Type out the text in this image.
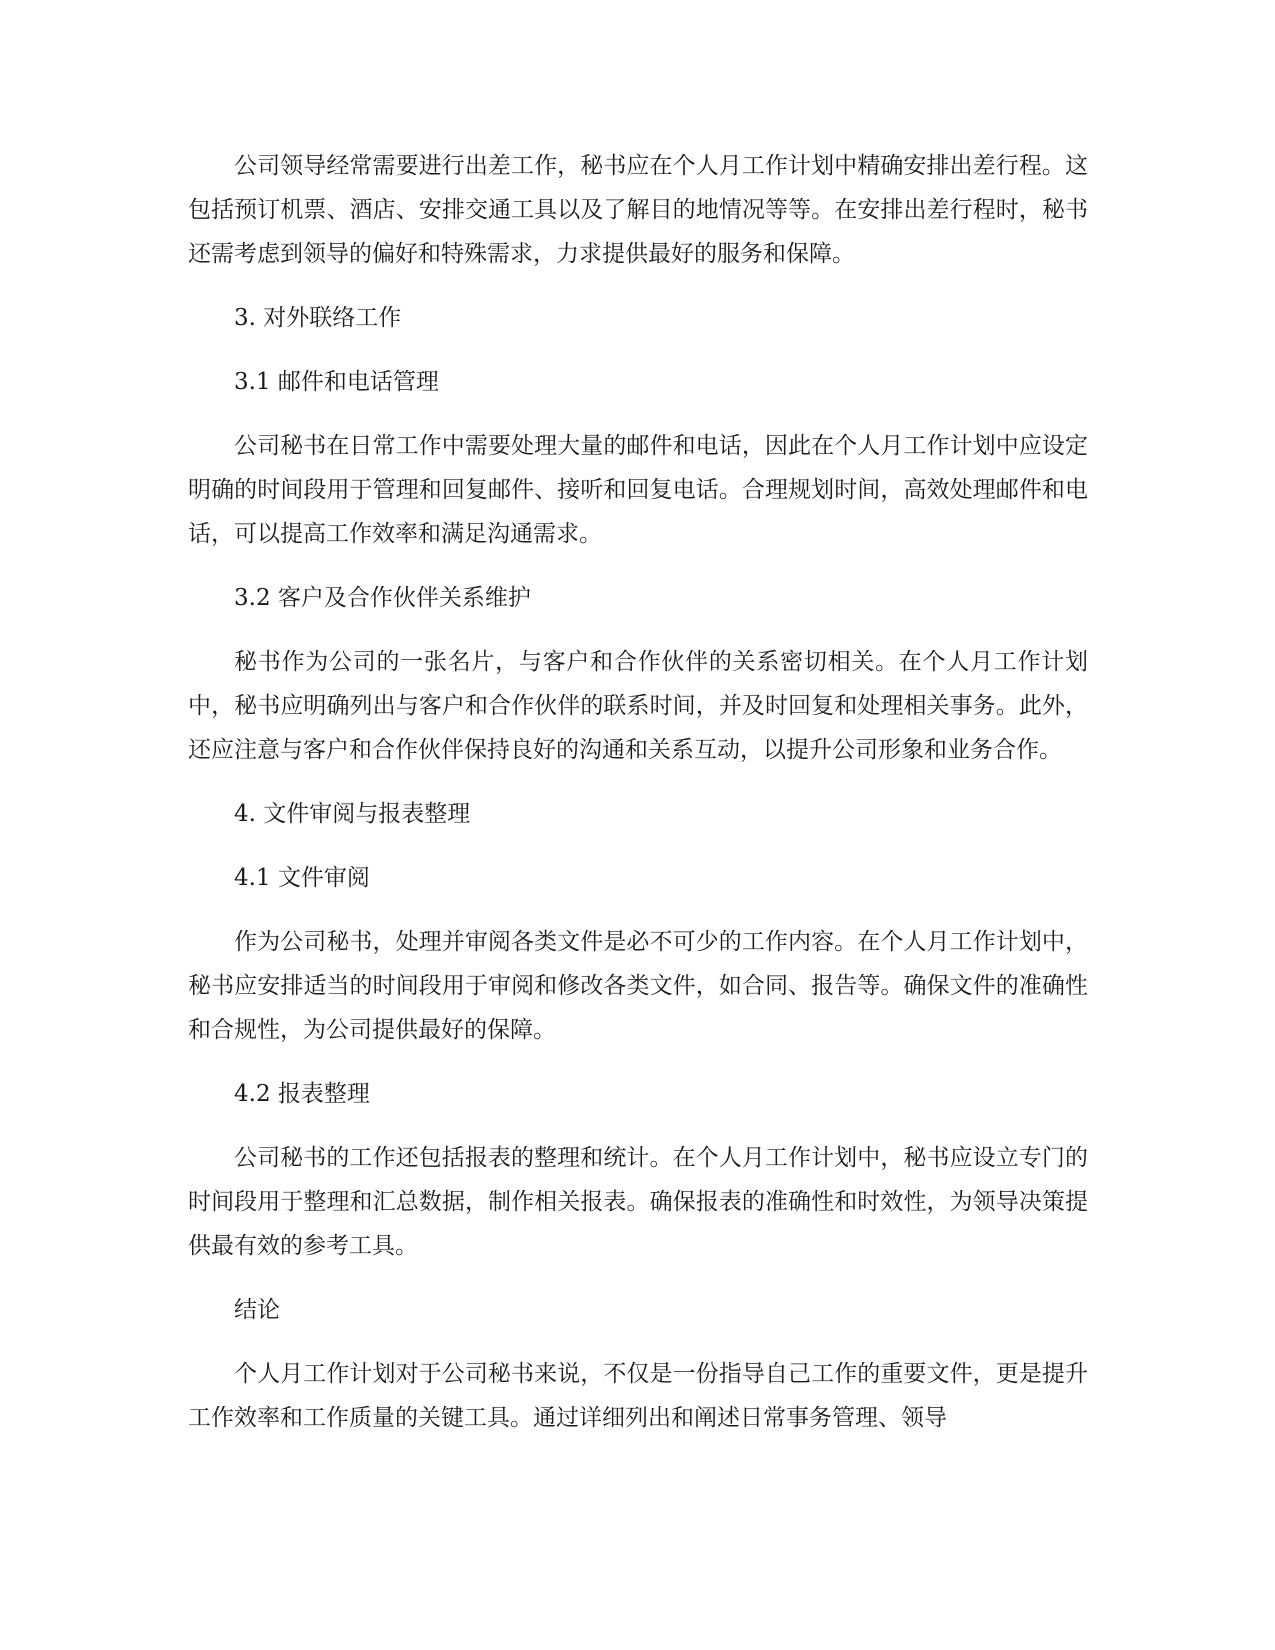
公司领导经常需要进行出差工作，秘书应在个人月工作计划中精确安排出差行程。这包括预订机票、酒店、安排交通工具以及了解目的地情况等等。在安排出差行程时，秘书还需考虑到领导的偏好和特殊需求，力求提供最好的服务和保障。

3. 对外联络工作

3.1 邮件和电话管理

公司秘书在日常工作中需要处理大量的邮件和电话，因此在个人月工作计划中应设定明确的时间段用于管理和回复邮件、接听和回复电话。合理规划时间，高效处理邮件和电话，可以提高工作效率和满足沟通需求。

3.2 客户及合作伙伴关系维护

秘书作为公司的一张名片，与客户和合作伙伴的关系密切相关。在个人月工作计划中，秘书应明确列出与客户和合作伙伴的联系时间，并及时回复和处理相关事务。此外，还应注意与客户和合作伙伴保持良好的沟通和关系互动，以提升公司形象和业务合作。

4. 文件审阅与报表整理

4.1 文件审阅

作为公司秘书，处理并审阅各类文件是必不可少的工作内容。在个人月工作计划中，秘书应安排适当的时间段用于审阅和修改各类文件，如合同、报告等。确保文件的准确性和合规性，为公司提供最好的保障。

4.2 报表整理

公司秘书的工作还包括报表的整理和统计。在个人月工作计划中，秘书应设立专门的时间段用于整理和汇总数据，制作相关报表。确保报表的准确性和时效性，为领导决策提供最有效的参考工具。

结论

个人月工作计划对于公司秘书来说，不仅是一份指导自己工作的重要文件，更是提升工作效率和工作质量的关键工具。通过详细列出和阐述日常事务管理、领导
